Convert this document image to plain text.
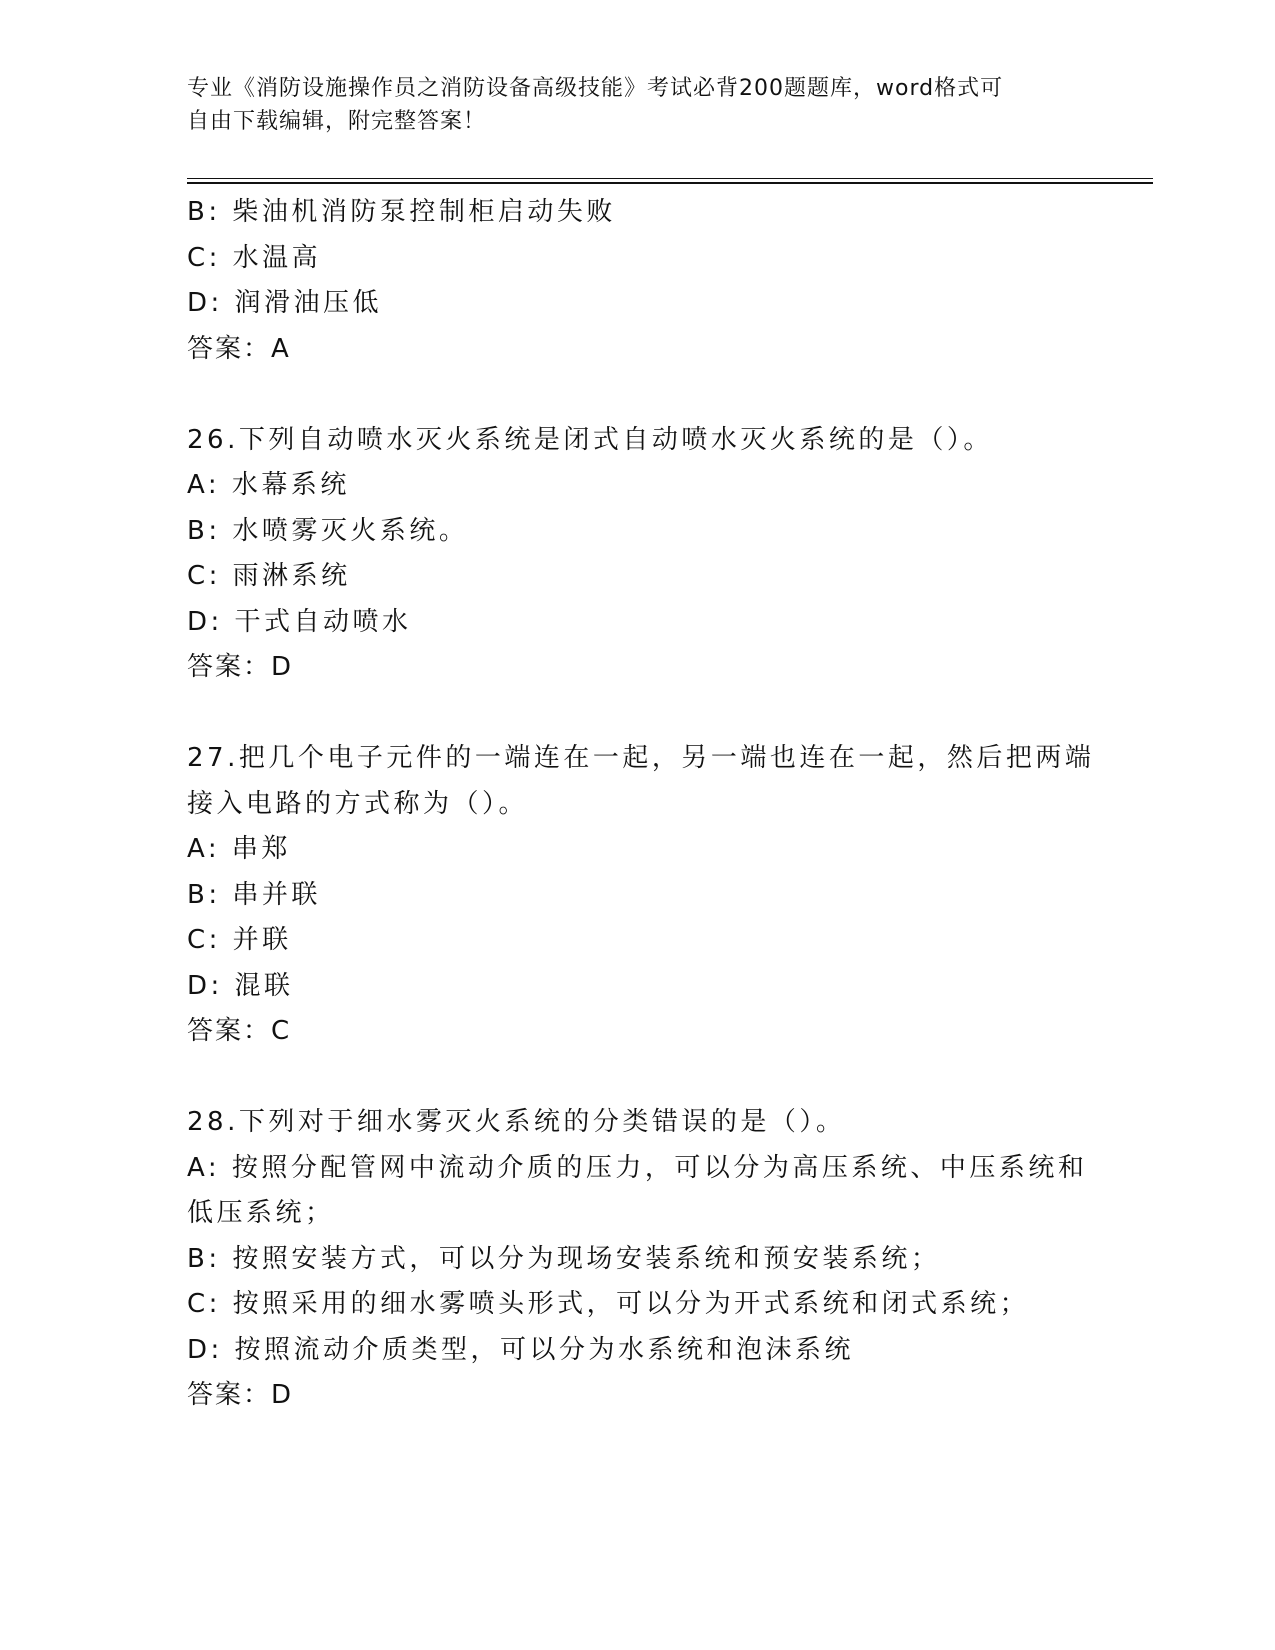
专业《消防设施操作员之消防设备高级技能》考试必背200题题库，word格式可
自由下载编辑，附完整答案！
B: 柴油机消防泵控制柜启动失败
C: 水温高
D: 润滑油压低
答案：A
26.下列自动喷水灭火系统是闭式自动喷水灭火系统的是（）。
A: 水幕系统
B: 水喷雾灭火系统。
C: 雨淋系统
D: 干式自动喷水
答案：D
27.把几个电子元件的一端连在一起，另一端也连在一起，然后把两端
接入电路的方式称为（）。
A: 串郑
B: 串并联
C: 并联
D: 混联
答案：C
28.下列对于细水雾灭火系统的分类错误的是（）。
A: 按照分配管网中流动介质的压力，可以分为高压系统、中压系统和
低压系统；
B: 按照安装方式，可以分为现场安装系统和预安装系统；
C: 按照采用的细水雾喷头形式，可以分为开式系统和闭式系统；
D: 按照流动介质类型，可以分为水系统和泡沫系统
答案：D
